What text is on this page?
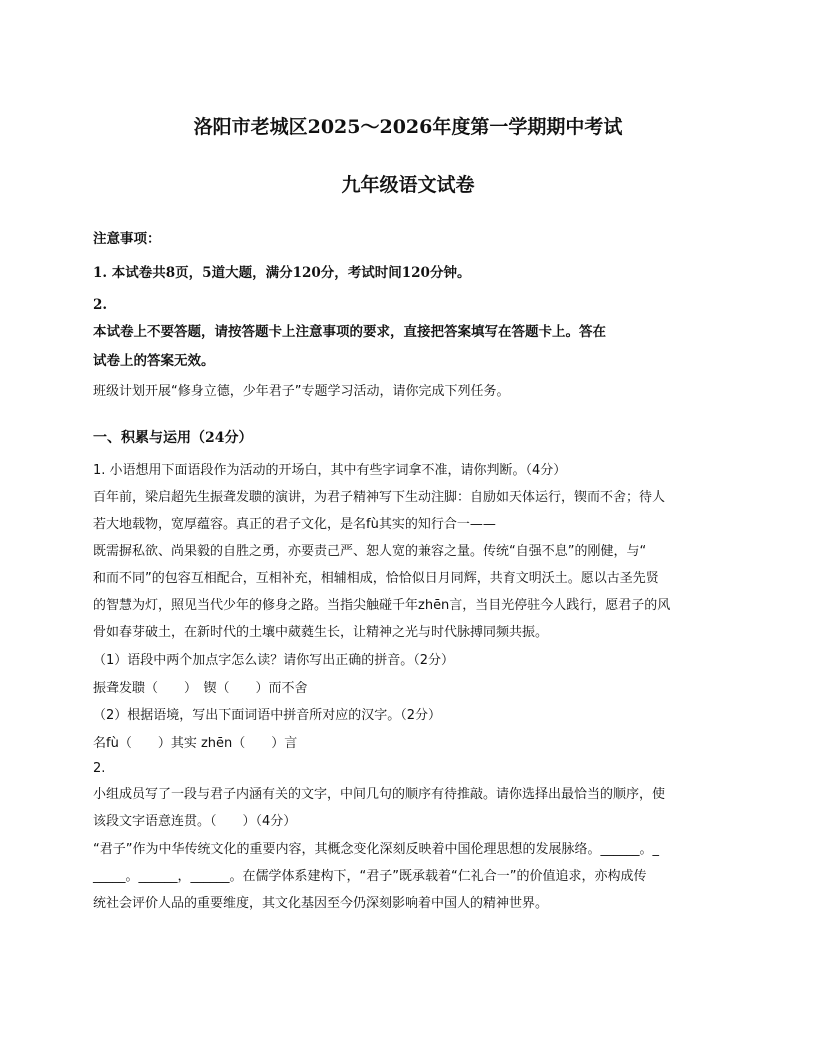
洛阳市老城区2025～2026年度第一学期期中考试
九年级语文试卷
注意事项：
1. 本试卷共8页，5道大题，满分120分，考试时间120分钟。
2.
本试卷上不要答题，请按答题卡上注意事项的要求，直接把答案填写在答题卡上。答在
试卷上的答案无效。
班级计划开展“修身立德，少年君子”专题学习活动，请你完成下列任务。
一、积累与运用（24分）
1. 小语想用下面语段作为活动的开场白，其中有些字词拿不准，请你判断。（4分）
百年前，梁启超先生振聋发聩的演讲，为君子精神写下生动注脚：自励如天体运行，锲而不舍；待人
若大地载物，宽厚蕴容。真正的君子文化，是名fù其实的知行合一——
既需摒私欲、尚果毅的自胜之勇，亦要责己严、恕人宽的兼容之量。传统“自强不息”的刚健，与“
和而不同”的包容互相配合，互相补充，相辅相成，恰恰似日月同辉，共育文明沃土。愿以古圣先贤
的智慧为灯，照见当代少年的修身之路。当指尖触碰千年zhēn言，当目光停驻今人践行，愿君子的风
骨如春芽破土，在新时代的土壤中葳蕤生长，让精神之光与时代脉搏同频共振。
（1）语段中两个加点字怎么读？请你写出正确的拼音。（2分）
振聋发聩（　　）　锲（　　）而不舍
（2）根据语境，写出下面词语中拼音所对应的汉字。（2分）
名fù（　　）其实 zhēn（　　）言
2.
小组成员写了一段与君子内涵有关的文字，中间几句的顺序有待推敲。请你选择出最恰当的顺序，使
该段文字语意连贯。（　　）（4分）
“君子”作为中华传统文化的重要内容，其概念变化深刻反映着中国伦理思想的发展脉络。______。_
_____。______，______。在儒学体系建构下，“君子”既承载着“仁礼合一”的价值追求，亦构成传
统社会评价人品的重要维度，其文化基因至今仍深刻影响着中国人的精神世界。
